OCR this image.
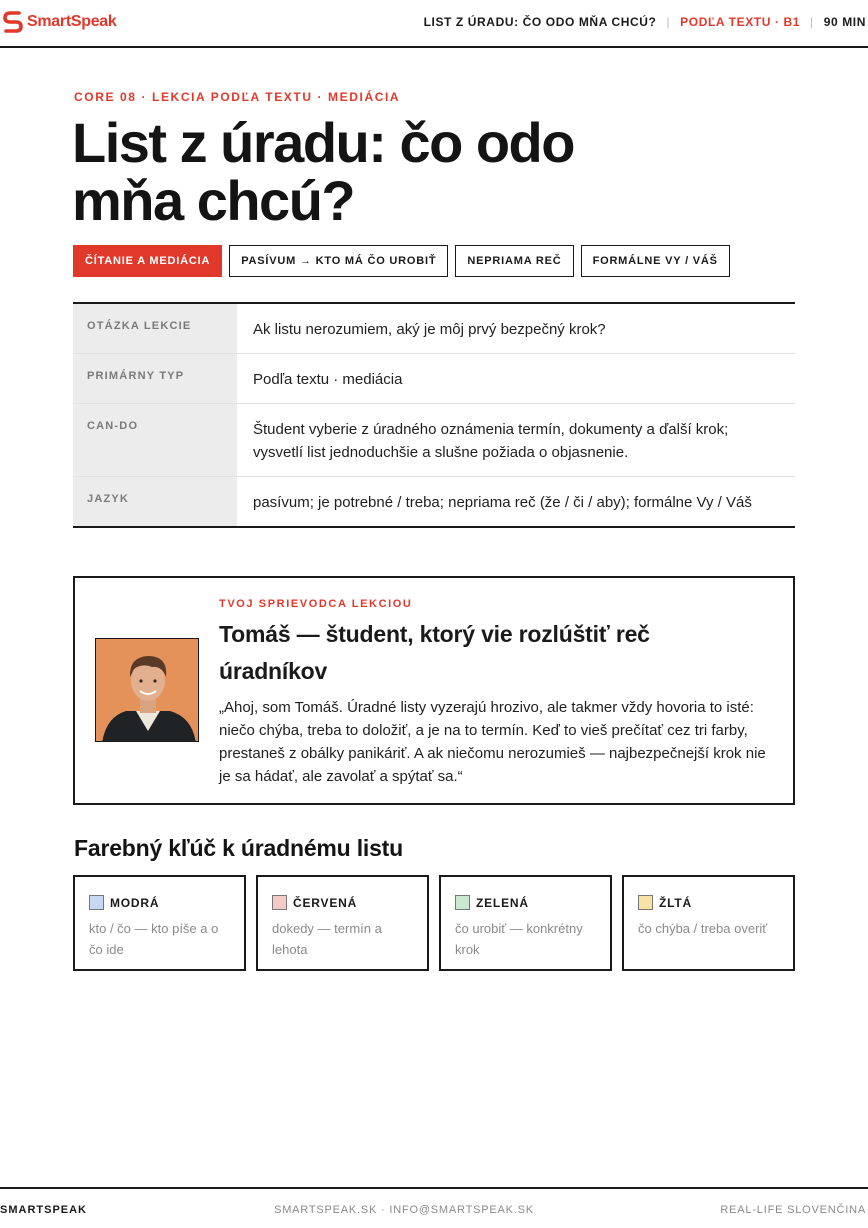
SmartSpeak	LIST Z ÚRADU: ČO ODO MŇA CHCÚ? | PODĽA TEXTU · B1 | 90 MIN
CORE 08 · LEKCIA PODĽA TEXTU · MEDIÁCIA
List z úradu: čo odo mňa chcú?
ČÍTANIE A MEDIÁCIA	PASÍVUM → KTO MÁ ČO UROBIŤ	NEPRIAMA REČ	FORMÁLNE VY / VÁŠ
OTÁZKA LEKCIE	Ak listu nerozumiem, aký je môj prvý bezpečný krok?
PRIMÁRNY TYP	Podľa textu · mediácia
CAN-DO	Študent vyberie z úradného oznámenia termín, dokumenty a ďalší krok; vysvetlí list jednoduchšie a slušne požiada o objasnenie.
JAZYK	pasívum; je potrebné / treba; nepriama reč (že / či / aby); formálne Vy / Váš
TVOJ SPRIEVODCA LEKCIOU
Tomáš — študent, ktorý vie rozlúštiť reč úradníkov
„Ahoj, som Tomáš. Úradné listy vyzerajú hrozivo, ale takmer vždy hovoria to isté: niečo chýba, treba to doložiť, a je na to termín. Keď to vieš prečítať cez tri farby, prestaneš z obálky panikáriť. A ak niečomu nerozumieš — najbezpečnejší krok nie je sa hádať, ale zavolať a spýtať sa.“
Farebný kľúč k úradnému listu
MODRÁ
kto / čo — kto píše a o čo ide
ČERVENÁ
dokedy — termín a lehota
ZELENÁ
čo urobiť — konkrétny krok
ŽLTÁ
čo chýba / treba overiť
SMARTSPEAK	SMARTSPEAK.SK · INFO@SMARTSPEAK.SK	REAL-LIFE SLOVENČINA
